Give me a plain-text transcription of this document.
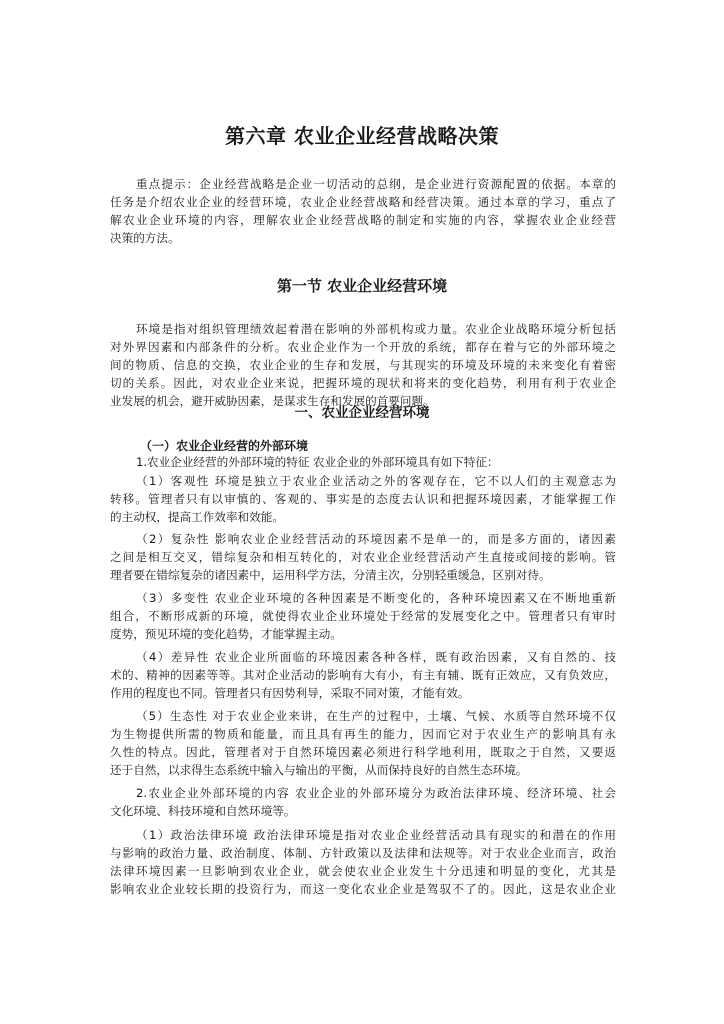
第六章 农业企业经营战略决策
重点提示：企业经营战略是企业一切活动的总纲，是企业进行资源配置的依据。本章的
任务是介绍农业企业的经营环境，农业企业经营战略和经营决策。通过本章的学习，重点了
解农业企业环境的内容，理解农业企业经营战略的制定和实施的内容，掌握农业企业经营
决策的方法。
第一节 农业企业经营环境
环境是指对组织管理绩效起着潜在影响的外部机构或力量。农业企业战略环境分析包括
对外界因素和内部条件的分析。农业企业作为一个开放的系统，都存在着与它的外部环境之
间的物质、信息的交换，农业企业的生存和发展，与其现实的环境及环境的未来变化有着密
切的关系。因此，对农业企业来说，把握环境的现状和将来的变化趋势，利用有利于农业企
业发展的机会，避开威胁因素，是谋求生存和发展的首要问题。
一、农业企业经营环境
（一）农业企业经营的外部环境
1.农业企业经营的外部环境的特征 农业企业的外部环境具有如下特征：
（1）客观性 环境是独立于农业企业活动之外的客观存在，它不以人们的主观意志为
转移。管理者只有以审慎的、客观的、事实是的态度去认识和把握环境因素，才能掌握工作
的主动权，提高工作效率和效能。
（2）复杂性 影响农业企业经营活动的环境因素不是单一的，而是多方面的，诸因素
之间是相互交叉，错综复杂和相互转化的，对农业企业经营活动产生直接或间接的影响。管
理者要在错综复杂的诸因素中，运用科学方法，分清主次，分别轻重缓急，区别对待。
（3）多变性 农业企业环境的各种因素是不断变化的，各种环境因素又在不断地重新
组合，不断形成新的环境，就使得农业企业环境处于经常的发展变化之中。管理者只有审时
度势，预见环境的变化趋势，才能掌握主动。
（4）差异性 农业企业所面临的环境因素各种各样，既有政治因素，又有自然的、技
术的、精神的因素等等。其对企业活动的影响有大有小，有主有辅、既有正效应，又有负效应，
作用的程度也不同。管理者只有因势利导，采取不同对策，才能有效。
（5）生态性 对于农业企业来讲，在生产的过程中，土壤、气候、水质等自然环境不仅
为生物提供所需的物质和能量，而且具有再生的能力，因而它对于农业生产的影响具有永
久性的特点。因此，管理者对于自然环境因素必须进行科学地利用，既取之于自然，又要返
还于自然，以求得生态系统中输入与输出的平衡，从而保持良好的自然生态环境。
2.农业企业外部环境的内容 农业企业的外部环境分为政治法律环境、经济环境、社会
文化环境、科技环境和自然环境等。
（1）政治法律环境 政治法律环境是指对农业企业经营活动具有现实的和潜在的作用
与影响的政治力量、政治制度、体制、方针政策以及法律和法规等。对于农业企业而言，政治
法律环境因素一旦影响到农业企业，就会使农业企业发生十分迅速和明显的变化，尤其是
影响农业企业较长期的投资行为，而这一变化农业企业是驾驭不了的。因此，这是农业企业
